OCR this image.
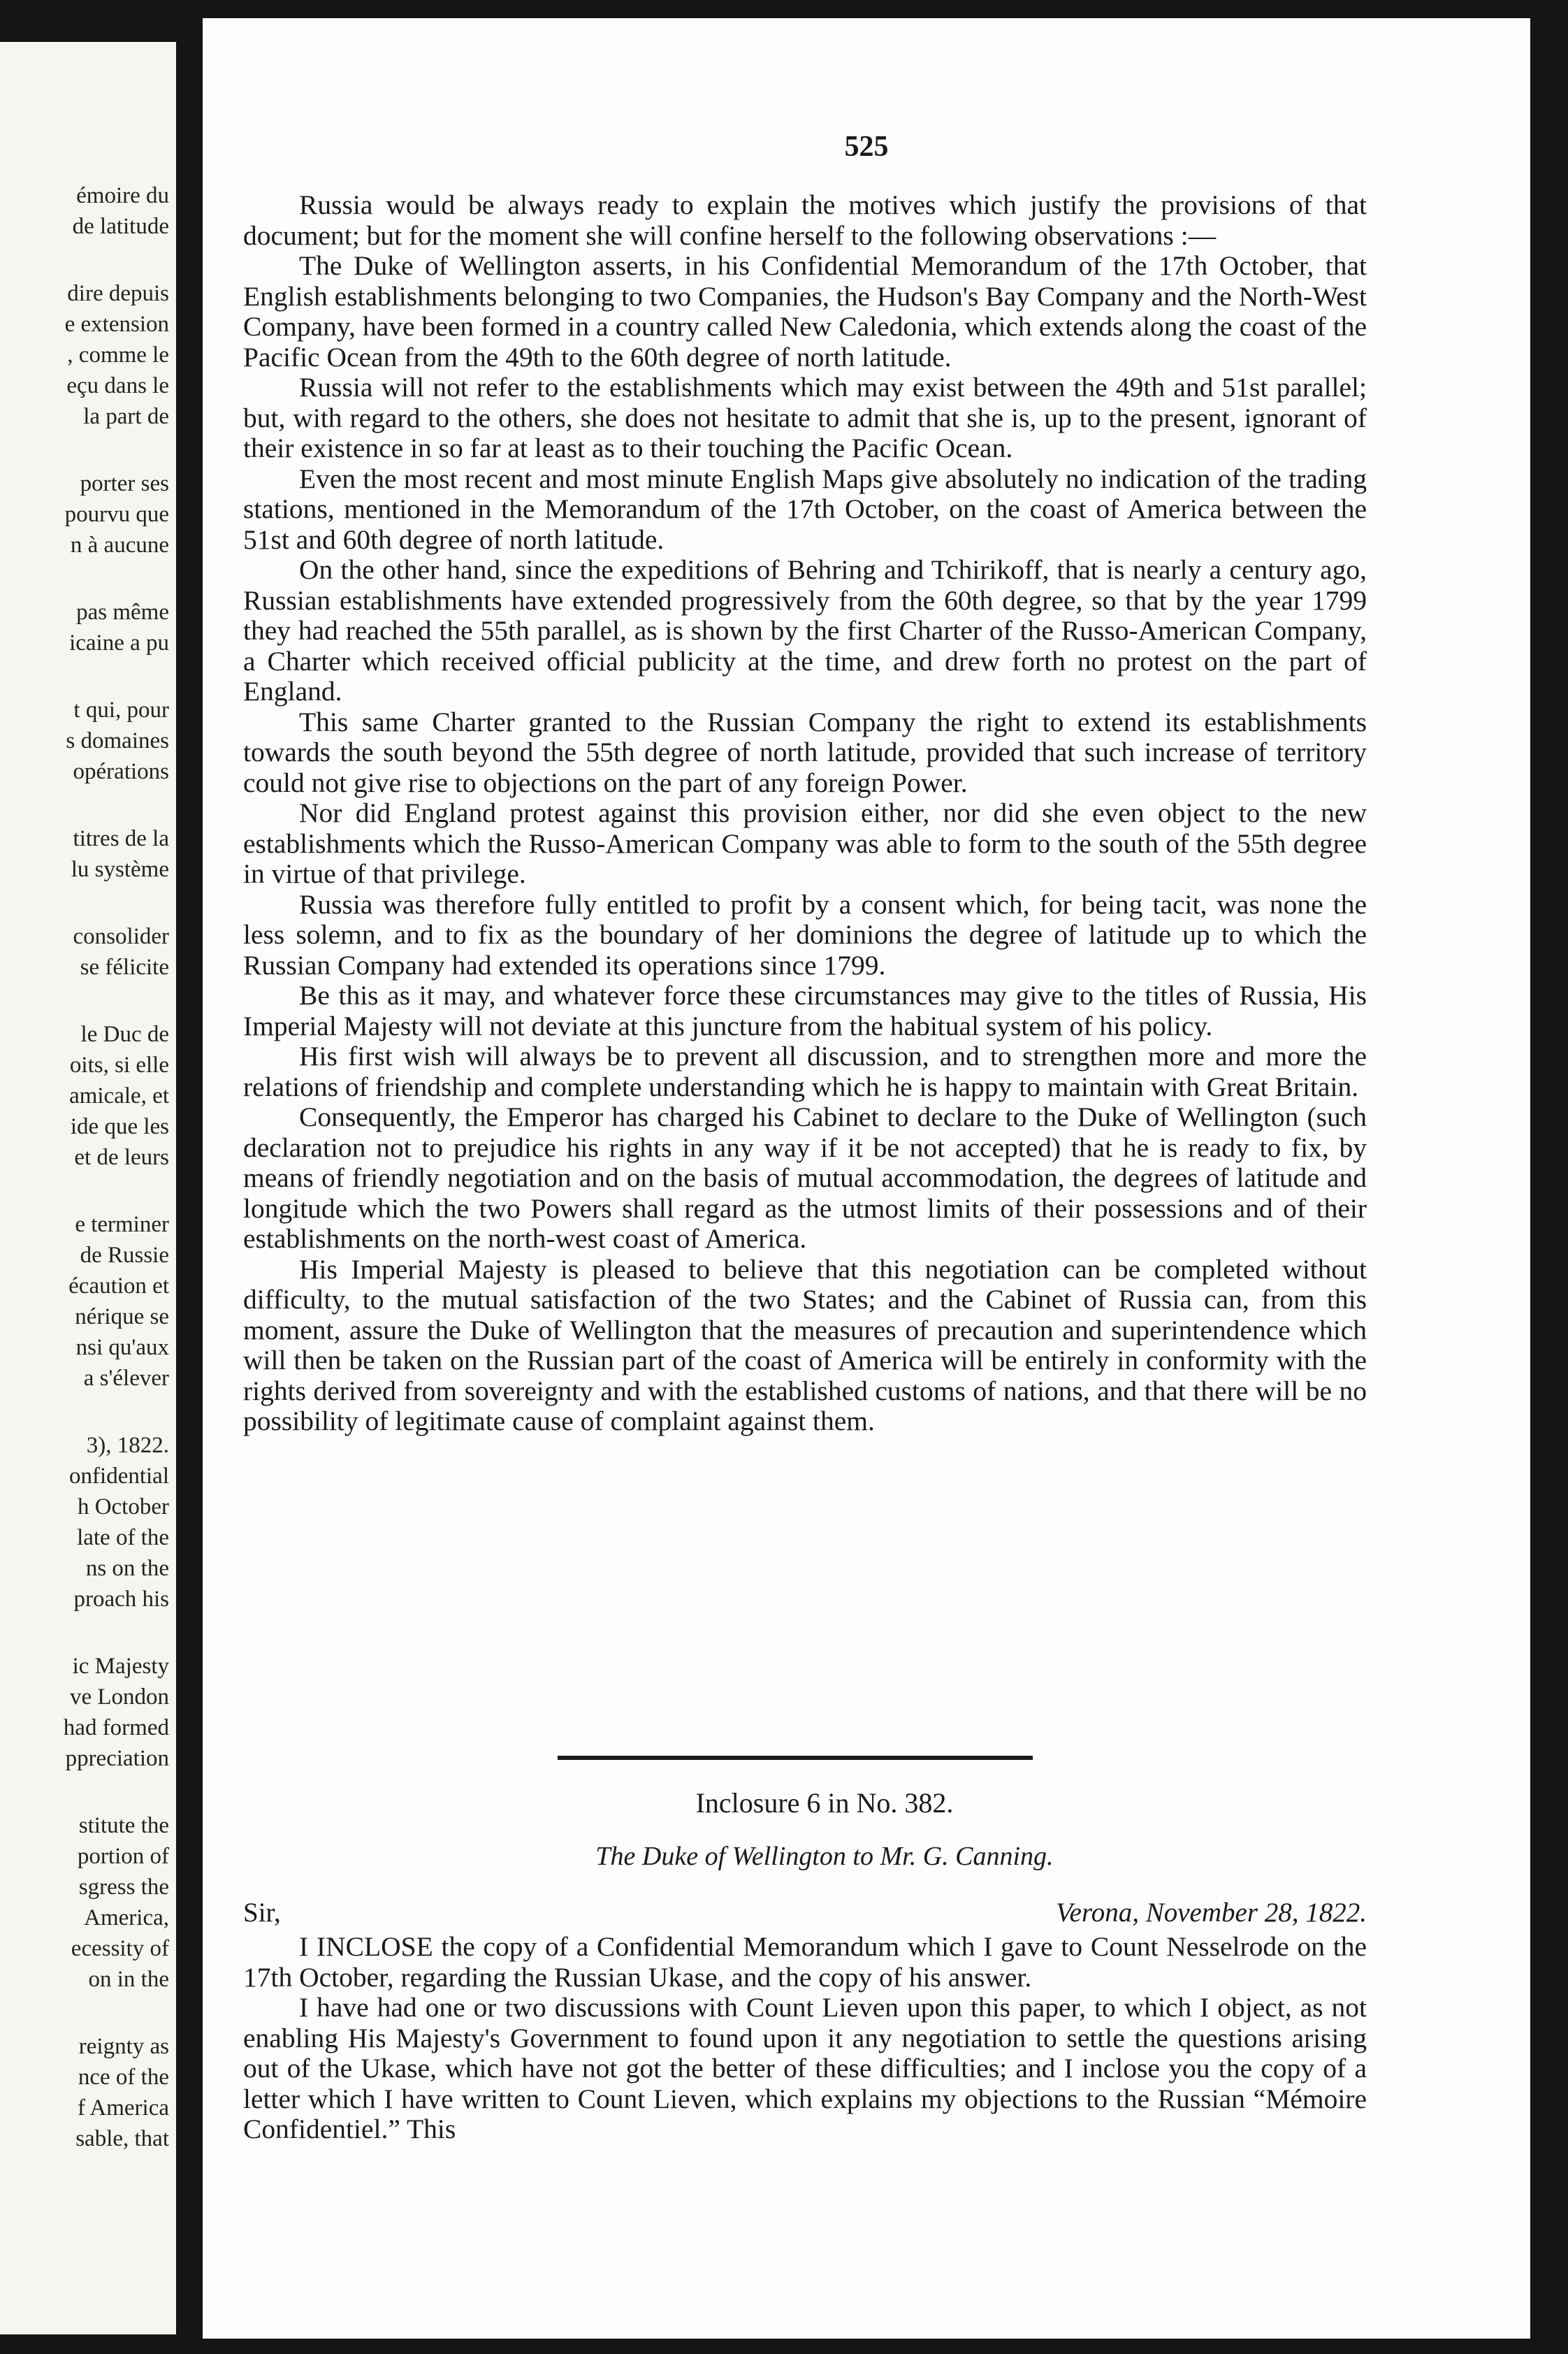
émoire du
de latitude
dire depuis
e extension
, comme le
eçu dans le
la part de
porter ses
pourvu que
n à aucune
pas même
icaine a pu
t qui, pour
s domaines
opérations
titres de la
lu système
consolider
se félicite
le Duc de
oits, si elle
amicale, et
ide que les
et de leurs
e terminer
de Russie
écaution et
nérique se
nsi qu'aux
a s'élever
3), 1822.
onfidential
h October
late of the
ns on the
proach his
ic Majesty
ve London
had formed
ppreciation
stitute the
portion of
sgress the
America,
ecessity of
on in the
reignty as
nce of the
f America
sable, that
525

Russia would be always ready to explain the motives which justify the provisions of that document; but for the moment she will confine herself to the following observations :—

The Duke of Wellington asserts, in his Confidential Memorandum of the 17th October, that English establishments belonging to two Companies, the Hudson's Bay Company and the North-West Company, have been formed in a country called New Caledonia, which extends along the coast of the Pacific Ocean from the 49th to the 60th degree of north latitude.

Russia will not refer to the establishments which may exist between the 49th and 51st parallel; but, with regard to the others, she does not hesitate to admit that she is, up to the present, ignorant of their existence in so far at least as to their touching the Pacific Ocean.

Even the most recent and most minute English Maps give absolutely no indication of the trading stations, mentioned in the Memorandum of the 17th October, on the coast of America between the 51st and 60th degree of north latitude.

On the other hand, since the expeditions of Behring and Tchirikoff, that is nearly a century ago, Russian establishments have extended progressively from the 60th degree, so that by the year 1799 they had reached the 55th parallel, as is shown by the first Charter of the Russo-American Company, a Charter which received official publicity at the time, and drew forth no protest on the part of England.

This same Charter granted to the Russian Company the right to extend its establishments towards the south beyond the 55th degree of north latitude, provided that such increase of territory could not give rise to objections on the part of any foreign Power.

Nor did England protest against this provision either, nor did she even object to the new establishments which the Russo-American Company was able to form to the south of the 55th degree in virtue of that privilege.

Russia was therefore fully entitled to profit by a consent which, for being tacit, was none the less solemn, and to fix as the boundary of her dominions the degree of latitude up to which the Russian Company had extended its operations since 1799.

Be this as it may, and whatever force these circumstances may give to the titles of Russia, His Imperial Majesty will not deviate at this juncture from the habitual system of his policy.

His first wish will always be to prevent all discussion, and to strengthen more and more the relations of friendship and complete understanding which he is happy to maintain with Great Britain.

Consequently, the Emperor has charged his Cabinet to declare to the Duke of Wellington (such declaration not to prejudice his rights in any way if it be not accepted) that he is ready to fix, by means of friendly negotiation and on the basis of mutual accommodation, the degrees of latitude and longitude which the two Powers shall regard as the utmost limits of their possessions and of their establishments on the north-west coast of America.

His Imperial Majesty is pleased to believe that this negotiation can be completed without difficulty, to the mutual satisfaction of the two States; and the Cabinet of Russia can, from this moment, assure the Duke of Wellington that the measures of precaution and superintendence which will then be taken on the Russian part of the coast of America will be entirely in conformity with the rights derived from sovereignty and with the established customs of nations, and that there will be no possibility of legitimate cause of complaint against them.

Inclosure 6 in No. 382.
The Duke of Wellington to Mr. G. Canning.
Sir,	Verona, November 28, 1822.

I INCLOSE the copy of a Confidential Memorandum which I gave to Count Nesselrode on the 17th October, regarding the Russian Ukase, and the copy of his answer.

I have had one or two discussions with Count Lieven upon this paper, to which I object, as not enabling His Majesty's Government to found upon it any negotiation to settle the questions arising out of the Ukase, which have not got the better of these difficulties; and I inclose you the copy of a letter which I have written to Count Lieven, which explains my objections to the Russian “Mémoire Confidentiel.” This
